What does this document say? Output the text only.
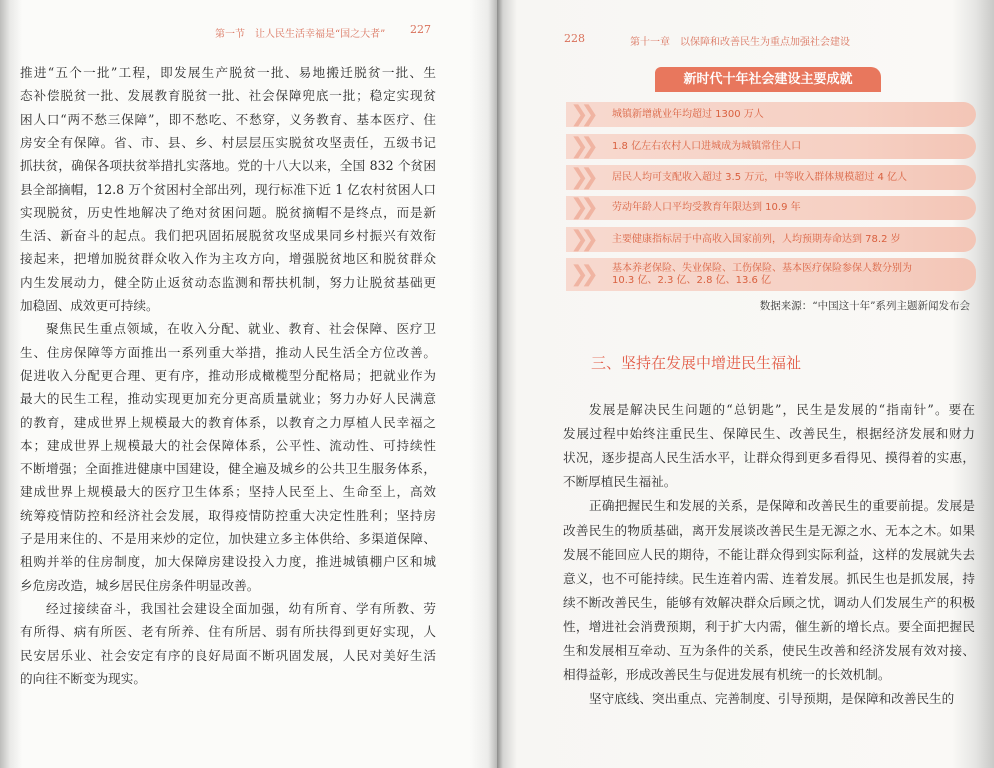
第一节　让人民生活幸福是“国之大者” 227
推进“五个一批”工程，即发展生产脱贫一批、易地搬迁脱贫一批、生
态补偿脱贫一批、发展教育脱贫一批、社会保障兜底一批；稳定实现贫
困人口“两不愁三保障”，即不愁吃、不愁穿，义务教育、基本医疗、住
房安全有保障。省、市、县、乡、村层层压实脱贫攻坚责任，五级书记
抓扶贫，确保各项扶贫举措扎实落地。党的十八大以来，全国 832 个贫困
县全部摘帽，12.8 万个贫困村全部出列，现行标准下近 1 亿农村贫困人口
实现脱贫，历史性地解决了绝对贫困问题。脱贫摘帽不是终点，而是新
生活、新奋斗的起点。我们把巩固拓展脱贫攻坚成果同乡村振兴有效衔
接起来，把增加脱贫群众收入作为主攻方向，增强脱贫地区和脱贫群众
内生发展动力，健全防止返贫动态监测和帮扶机制，努力让脱贫基础更
加稳固、成效更可持续。
聚焦民生重点领域，在收入分配、就业、教育、社会保障、医疗卫
生、住房保障等方面推出一系列重大举措，推动人民生活全方位改善。
促进收入分配更合理、更有序，推动形成橄榄型分配格局；把就业作为
最大的民生工程，推动实现更加充分更高质量就业；努力办好人民满意
的教育，建成世界上规模最大的教育体系，以教育之力厚植人民幸福之
本；建成世界上规模最大的社会保障体系，公平性、流动性、可持续性
不断增强；全面推进健康中国建设，健全遍及城乡的公共卫生服务体系，
建成世界上规模最大的医疗卫生体系；坚持人民至上、生命至上，高效
统筹疫情防控和经济社会发展，取得疫情防控重大决定性胜利；坚持房
子是用来住的、不是用来炒的定位，加快建立多主体供给、多渠道保障、
租购并举的住房制度，加大保障房建设投入力度，推进城镇棚户区和城
乡危房改造，城乡居民住房条件明显改善。
经过接续奋斗，我国社会建设全面加强，幼有所育、学有所教、劳
有所得、病有所医、老有所养、住有所居、弱有所扶得到更好实现，人
民安居乐业、社会安定有序的良好局面不断巩固发展，人民对美好生活
的向往不断变为现实。
228	第十一章　以保障和改善民生为重点加强社会建设
新时代十年社会建设主要成就
❯❯ 城镇新增就业年均超过 1300 万人
❯❯ 1.8 亿左右农村人口进城成为城镇常住人口
❯❯ 居民人均可支配收入超过 3.5 万元，中等收入群体规模超过 4 亿人
❯❯ 劳动年龄人口平均受教育年限达到 10.9 年
❯❯ 主要健康指标居于中高收入国家前列，人均预期寿命达到 78.2 岁
❯❯ 基本养老保险、失业保险、工伤保险、基本医疗保险参保人数分别为 10.3 亿、2.3 亿、2.8 亿、13.6 亿
数据来源：“中国这十年”系列主题新闻发布会
三、坚持在发展中增进民生福祉
发展是解决民生问题的“总钥匙”，民生是发展的“指南针”。要在
发展过程中始终注重民生、保障民生、改善民生，根据经济发展和财力
状况，逐步提高人民生活水平，让群众得到更多看得见、摸得着的实惠，
不断厚植民生福祉。
正确把握民生和发展的关系，是保障和改善民生的重要前提。发展是
改善民生的物质基础，离开发展谈改善民生是无源之水、无本之木。如果
发展不能回应人民的期待，不能让群众得到实际利益，这样的发展就失去
意义，也不可能持续。民生连着内需、连着发展。抓民生也是抓发展，持
续不断改善民生，能够有效解决群众后顾之忧，调动人们发展生产的积极
性，增进社会消费预期，利于扩大内需，催生新的增长点。要全面把握民
生和发展相互牵动、互为条件的关系，使民生改善和经济发展有效对接、
相得益彰，形成改善民生与促进发展有机统一的长效机制。
坚守底线、突出重点、完善制度、引导预期，是保障和改善民生的
